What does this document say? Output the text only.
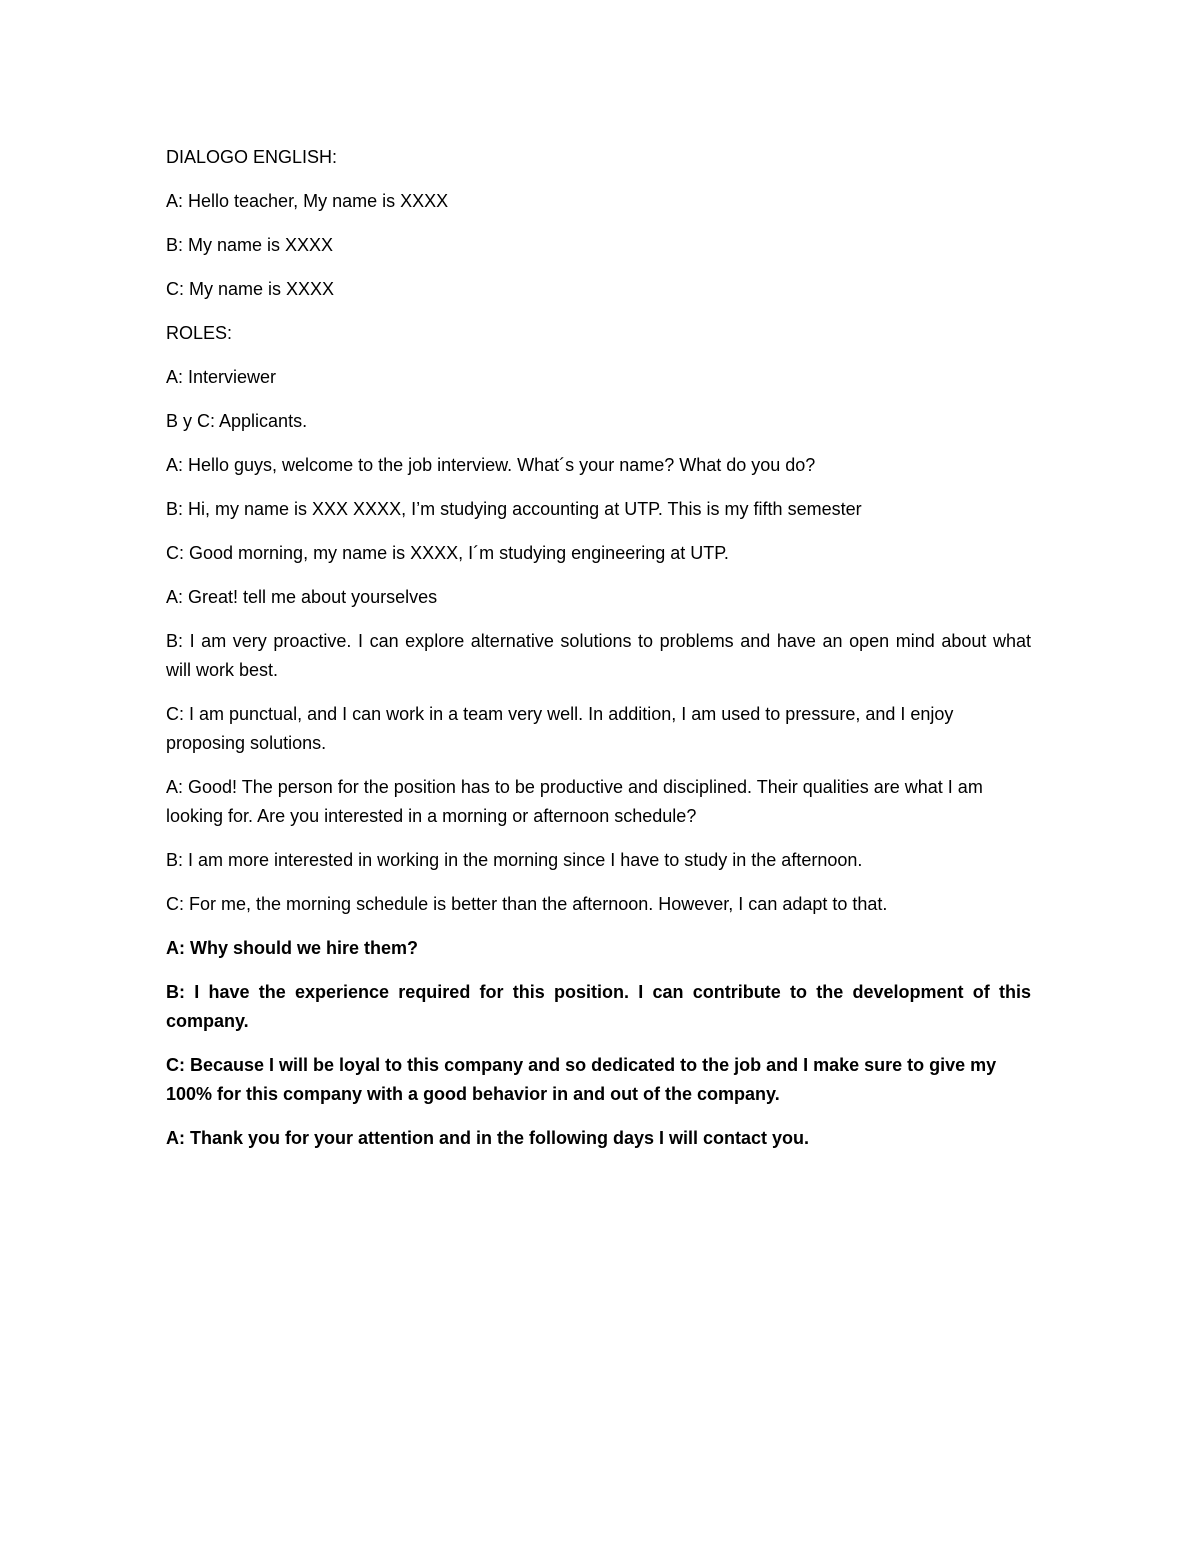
DIALOGO ENGLISH:

A: Hello teacher, My name is XXXX

B: My name is XXXX

C: My name is XXXX

ROLES:

A: Interviewer

B y C: Applicants.

A: Hello guys, welcome to the job interview. What´s your name? What do you do?

B: Hi, my name is XXX XXXX, I’m studying accounting at UTP. This is my fifth semester

C: Good morning, my name is XXXX, I´m studying engineering at UTP.

A: Great! tell me about yourselves

B: I am very proactive. I can explore alternative solutions to problems and have an open mind about what will work best.

C: I am punctual, and I can work in a team very well. In addition, I am used to pressure, and I enjoy proposing solutions.

A: Good! The person for the position has to be productive and disciplined. Their qualities are what I am looking for. Are you interested in a morning or afternoon schedule?

B: I am more interested in working in the morning since I have to study in the afternoon.

C: For me, the morning schedule is better than the afternoon. However, I can adapt to that.

A: Why should we hire them?

B: I have the experience required for this position. I can contribute to the development of this company.

C: Because I will be loyal to this company and so dedicated to the job and I make sure to give my 100% for this company with a good behavior in and out of the company.

A: Thank you for your attention and in the following days I will contact you.
